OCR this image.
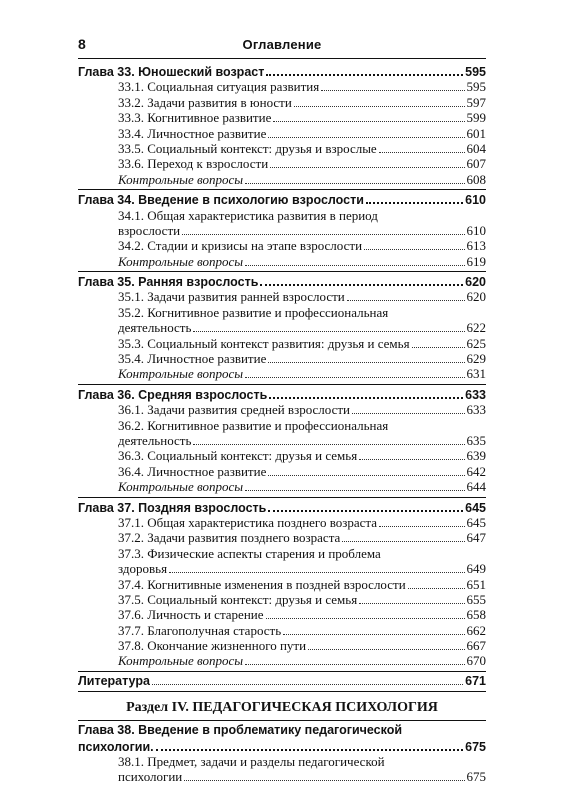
8	Оглавление
Глава 33. Юношеский возраст	595
33.1. Социальная ситуация развития	595
33.2. Задачи развития в юности	597
33.3. Когнитивное развитие	599
33.4. Личностное развитие	601
33.5. Социальный контекст: друзья и взрослые	604
33.6. Переход к взрослости	607
Контрольные вопросы	608
Глава 34. Введение в психологию взрослости	610
34.1. Общая характеристика развития в период
взрослости	610
34.2. Стадии и кризисы на этапе взрослости	613
Контрольные вопросы	619
Глава 35. Ранняя взрослость	620
35.1. Задачи развития ранней взрослости	620
35.2. Когнитивное развитие и профессиональная
деятельность	622
35.3. Социальный контекст развития: друзья и семья	625
35.4. Личностное развитие	629
Контрольные вопросы	631
Глава 36. Средняя взрослость	633
36.1. Задачи развития средней взрослости	633
36.2. Когнитивное развитие и профессиональная
деятельность	635
36.3. Социальный контекст: друзья и семья	639
36.4. Личностное развитие	642
Контрольные вопросы	644
Глава 37. Поздняя взрослость	645
37.1. Общая характеристика позднего возраста	645
37.2. Задачи развития позднего возраста	647
37.3. Физические аспекты старения и проблема
здоровья	649
37.4. Когнитивные изменения в поздней взрослости	651
37.5. Социальный контекст: друзья и семья	655
37.6. Личность и старение	658
37.7. Благополучная старость	662
37.8. Окончание жизненного пути	667
Контрольные вопросы	670
Литература	671
Раздел IV. ПЕДАГОГИЧЕСКАЯ ПСИХОЛОГИЯ
Глава 38. Введение в проблематику педагогической
психологии.	675
38.1. Предмет, задачи и разделы педагогической
психологии	675
